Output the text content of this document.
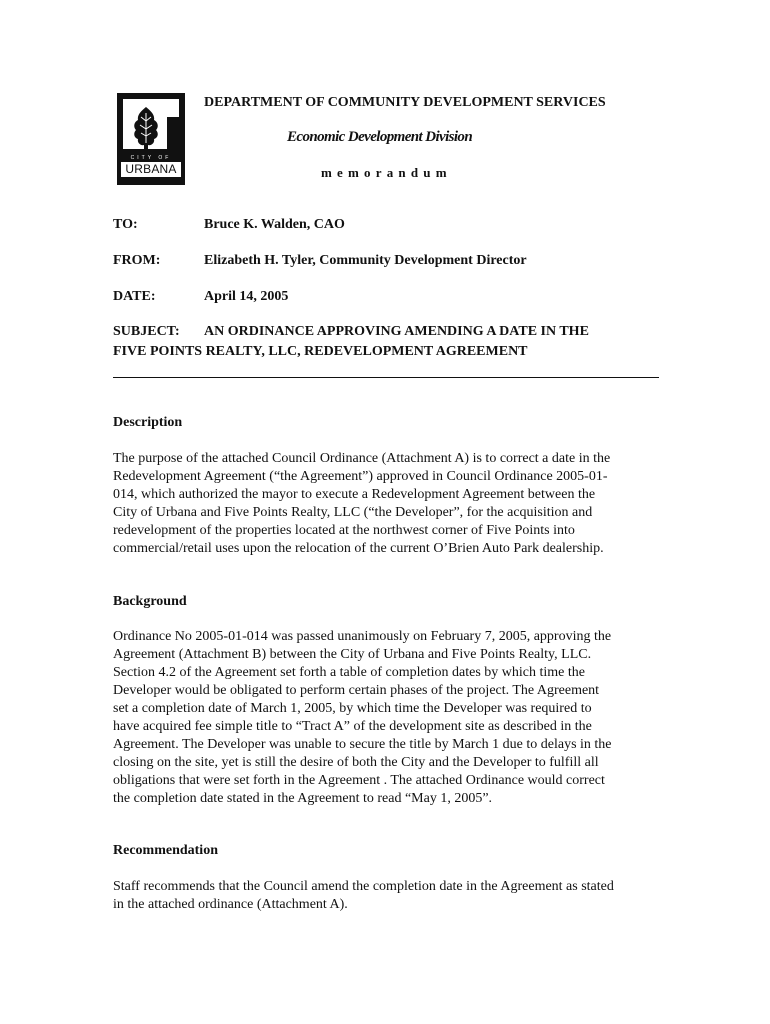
CITY OF
URBANA
DEPARTMENT OF COMMUNITY DEVELOPMENT SERVICES
Economic Development Division
memorandum
TO:	Bruce K. Walden, CAO
FROM:	Elizabeth H. Tyler, Community Development Director
DATE:	April 14, 2005
SUBJECT: AN ORDINANCE APPROVING AMENDING A DATE IN THE
FIVE POINTS REALTY, LLC, REDEVELOPMENT AGREEMENT
Description
The purpose of the attached Council Ordinance (Attachment A) is to correct a date in the
Redevelopment Agreement (“the Agreement”) approved in Council Ordinance 2005-01-
014, which authorized the mayor to execute a Redevelopment Agreement between the
City of Urbana and Five Points Realty, LLC (“the Developer”, for the acquisition and
redevelopment of the properties located at the northwest corner of Five Points into
commercial/retail uses upon the relocation of the current O’Brien Auto Park dealership.
Background
Ordinance No 2005-01-014 was passed unanimously on February 7, 2005, approving the
Agreement (Attachment B) between the City of Urbana and Five Points Realty, LLC.
Section 4.2 of the Agreement set forth a table of completion dates by which time the
Developer would be obligated to perform certain phases of the project. The Agreement
set a completion date of March 1, 2005, by which time the Developer was required to
have acquired fee simple title to “Tract A” of the development site as described in the
Agreement. The Developer was unable to secure the title by March 1 due to delays in the
closing on the site, yet is still the desire of both the City and the Developer to fulfill all
obligations that were set forth in the Agreement . The attached Ordinance would correct
the completion date stated in the Agreement to read “May 1, 2005”.
Recommendation
Staff recommends that the Council amend the completion date in the Agreement as stated
in the attached ordinance (Attachment A).
